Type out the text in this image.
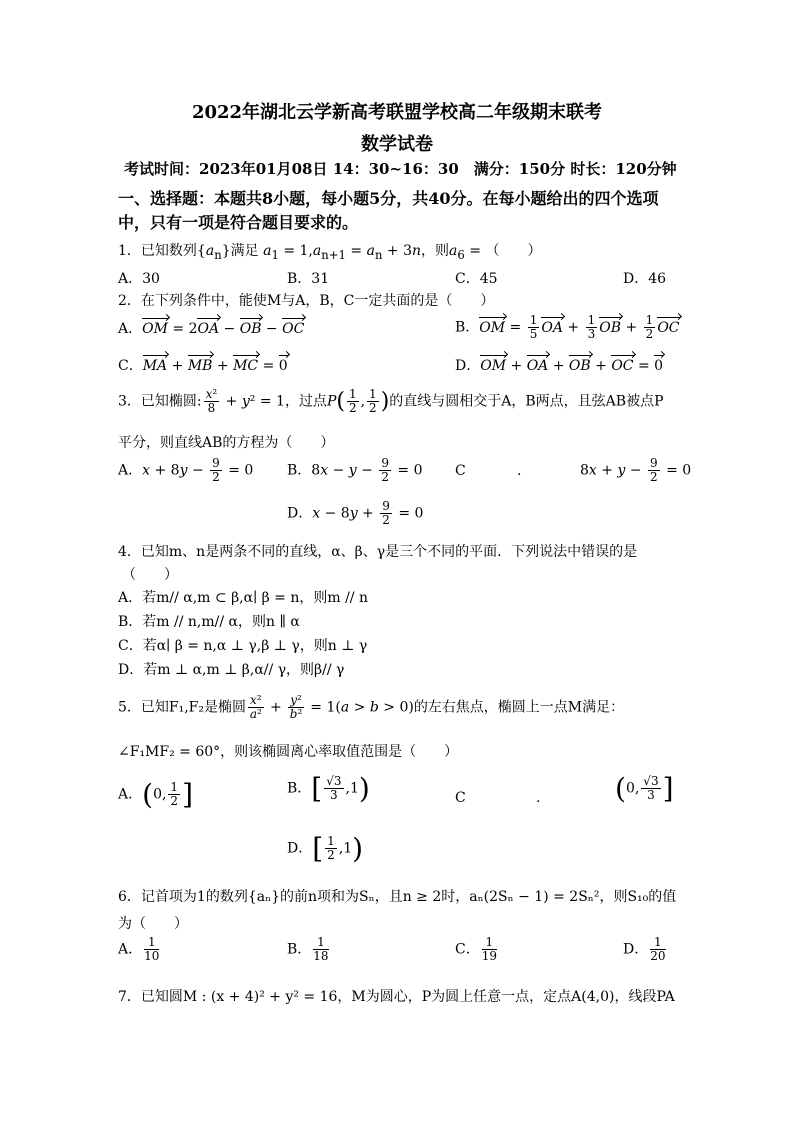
2022年湖北云学新高考联盟学校高二年级期末联考
数学试卷
考试时间：2023年01月08日 14：30~16：30　满分：150分 时长：120分钟
一、选择题：本题共8小题，每小题5分，共40分。在每小题给出的四个选项
中，只有一项是符合题目要求的。
1．已知数列$\{a_n\}$满足 $a_1 = 1,a_{n+1} = a_n + 3n$，则$a_6$ = （　　）
A．30	B．31	C．45	D．46
2．在下列条件中，能使M与A，B，C一定共面的是（　　）
A．OM = 2OA − OB − OC	B．OM = $\frac{1}{5}$ OA + $\frac{1}{3}$ OB + $\frac{1}{2}$ OC
C．MA + MB + MC = 0	D．OM + OA + OB + OC = 0
3．已知椭圆: $\frac{\text{x²}}{8} + y^2 = 1$，过点$P( \frac{1}{2}$ , $\frac{1}{2}$ )的直线与圆相交于A，B两点，且弦AB被点P
平分，则直线AB的方程为（　　）
A．$x + 8y - \frac{9}{2} = 0$ B．$8x - y - \frac{9}{2} = 0$ C	.	$8x + y - \frac{9}{2} = 0$
D．$x - 8y + \frac{9}{2} = 0$
4．已知m、n是两条不同的直线，α、β、γ是三个不同的平面．下列说法中错误的是
（　　）
A．若m// α,m ⊂ β,α∣ β = n，则m // n
B．若m // n,m// α，则n ∥ α
C．若α∣ β = n,α ⊥ γ,β ⊥ γ，则n ⊥ γ
D．若m ⊥ α,m ⊥ β,α// γ，则β// γ
5．已知F₁,F₂是椭圆 $\frac{\text{x²}}{\text{a²}} + \frac{\text{y²}}{\text{b²}} = 1(a > b > 0)$的左右焦点，椭圆上一点M满足：
∠F₁MF₂ = 60°，则该椭圆离心率取值范围是（　　）
A．(0, $\frac{1}{2}$ ]	B．[ $\frac{√3}{3} ,1$)	C	.	(0, $\frac{√3}{3}$ ]
D．[ $\frac{1}{2} ,1$)
6．记首项为1的数列{aₙ}的前n项和为Sₙ，且n ≥ 2时，aₙ(2Sₙ − 1) = 2Sₙ²，则S₁₀的值
为（　　）
A． $\frac{1}{10}$	B． $\frac{1}{18}$	C． $\frac{1}{19}$	D． $\frac{1}{20}$
7．已知圆M : (x + 4)² + y² = 16，M为圆心，P为圆上任意一点，定点A(4,0)，线段PA
